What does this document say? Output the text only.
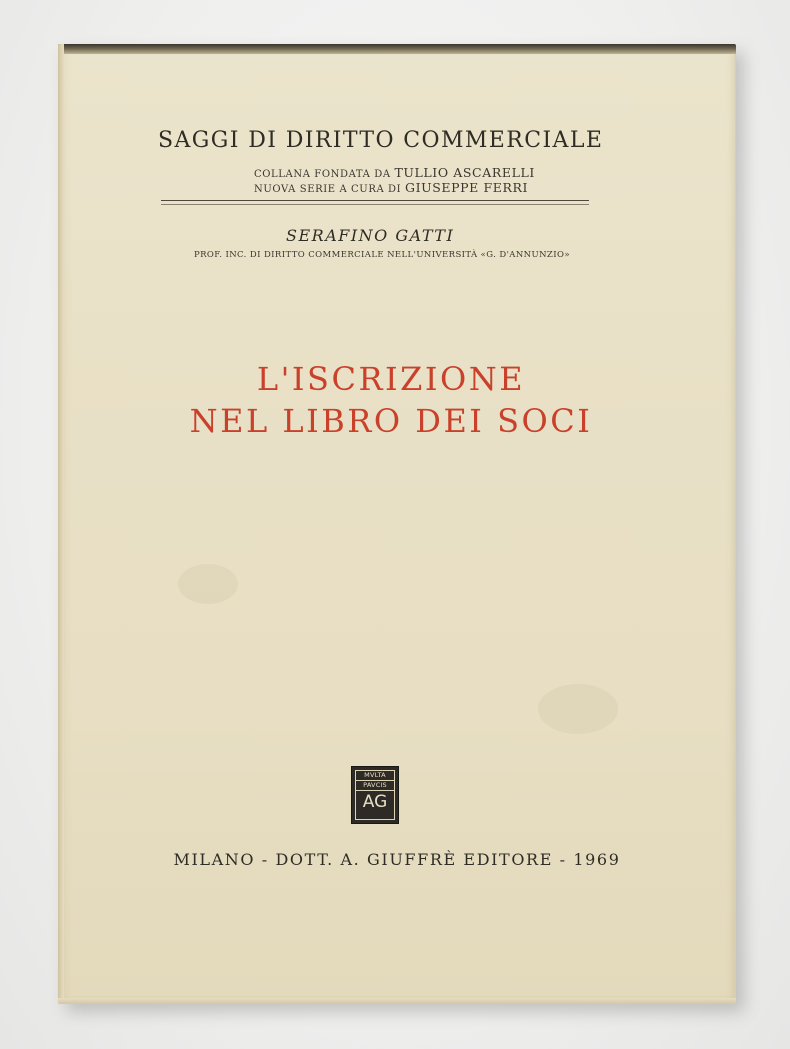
SAGGI DI DIRITTO COMMERCIALE
COLLANA FONDATA DA TULLIO ASCARELLI
NUOVA SERIE A CURA DI GIUSEPPE FERRI
SERAFINO GATTI
PROF. INC. DI DIRITTO COMMERCIALE NELL'UNIVERSITÀ «G. D'ANNUNZIO»
L'ISCRIZIONE
NEL LIBRO DEI SOCI
MVLTA
PAVCIS
AG
MILANO - DOTT. A. GIUFFRÈ EDITORE - 1969
